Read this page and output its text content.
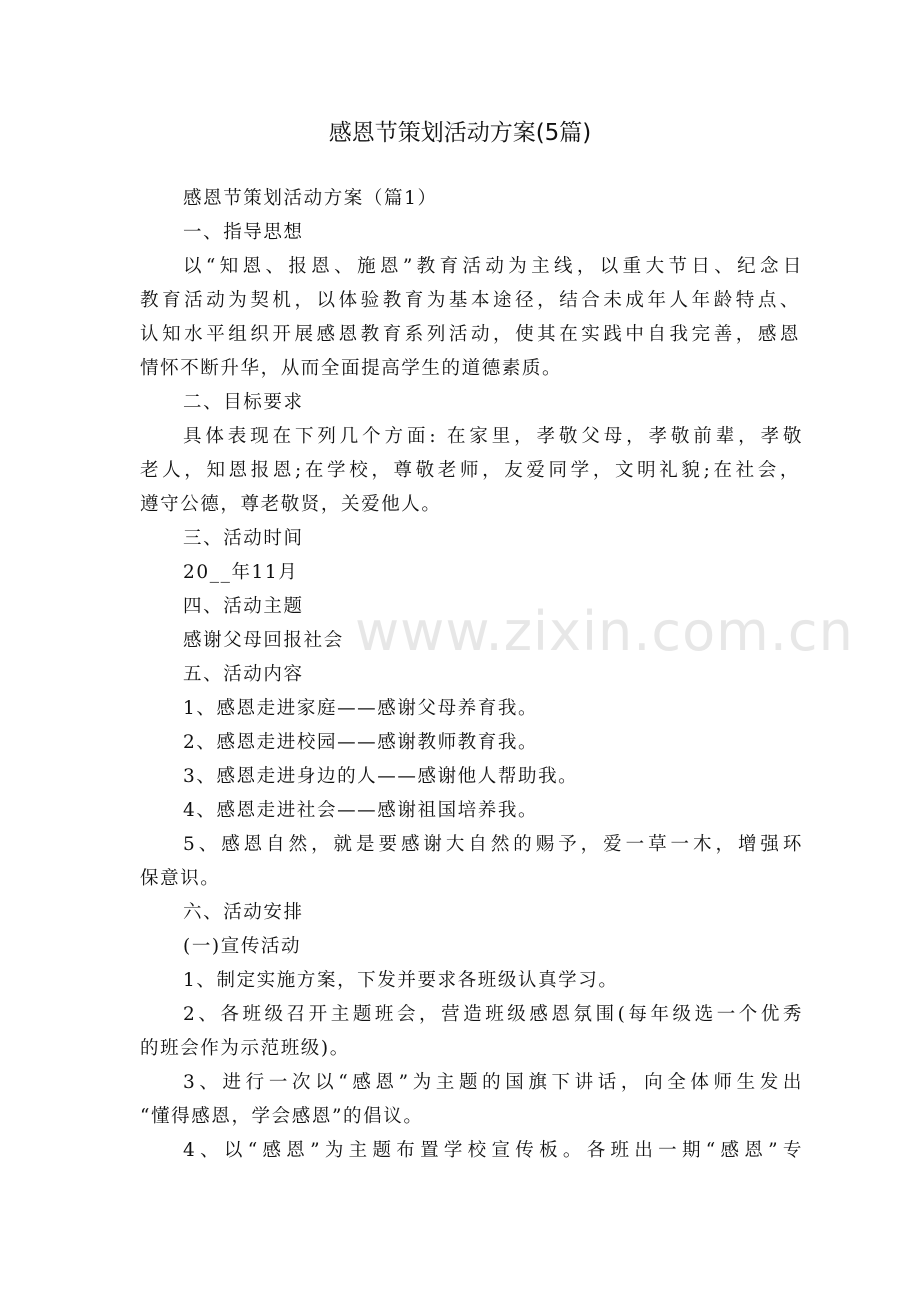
感恩节策划活动方案(5篇)
感恩节策划活动方案（篇1）
一、指导思想
以“知恩、报恩、施恩”教育活动为主线，以重大节日、纪念日
教育活动为契机，以体验教育为基本途径，结合未成年人年龄特点、
认知水平组织开展感恩教育系列活动，使其在实践中自我完善，感恩
情怀不断升华，从而全面提高学生的道德素质。
二、目标要求
具体表现在下列几个方面: 在家里，孝敬父母，孝敬前辈，孝敬
老人，知恩报恩;在学校，尊敬老师，友爱同学，文明礼貌;在社会，
遵守公德，尊老敬贤，关爱他人。
三、活动时间
20__年11月
四、活动主题
感谢父母回报社会
五、活动内容
1、感恩走进家庭——感谢父母养育我。
2、感恩走进校园——感谢教师教育我。
3、感恩走进身边的人——感谢他人帮助我。
4、感恩走进社会——感谢祖国培养我。
5、感恩自然，就是要感谢大自然的赐予，爱一草一木，增强环
保意识。
六、活动安排
(一)宣传活动
1、制定实施方案，下发并要求各班级认真学习。
2、各班级召开主题班会，营造班级感恩氛围(每年级选一个优秀
的班会作为示范班级)。
3、进行一次以“感恩”为主题的国旗下讲话，向全体师生发出
“懂得感恩，学会感恩”的倡议。
4、以“感恩”为主题布置学校宣传板。各班出一期“感恩”专
www.zixin.com.cn
